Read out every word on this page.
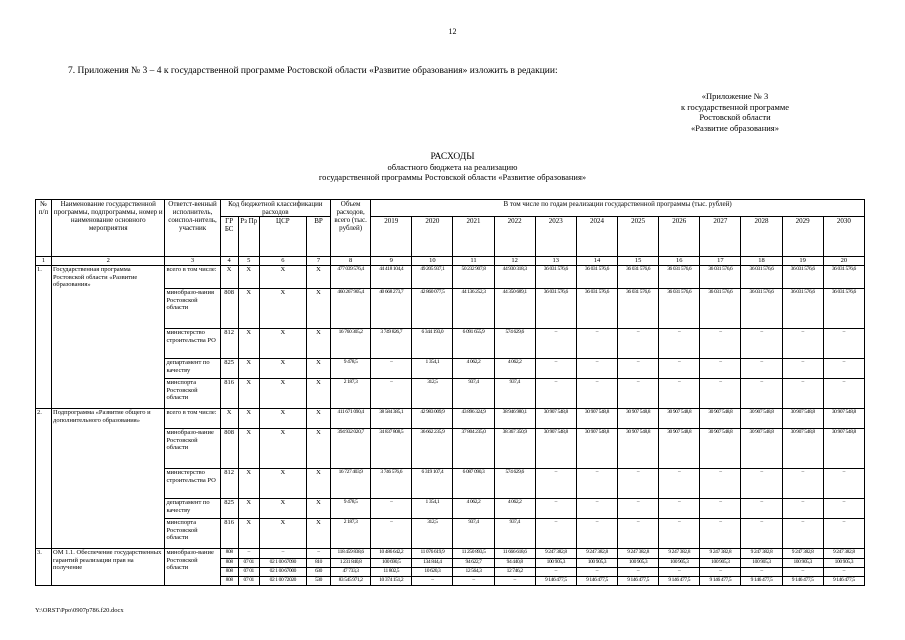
12
7. Приложения № 3 – 4 к государственной программе Ростовской области «Развитие образования» изложить в редакции:
«Приложение № 3
к государственной программе
Ростовской области
«Развитие образования»
РАСХОДЫ
областного бюджета на реализацию
государственной программы Ростовской области «Развитие образования»
№ п/п	Наименование государственной программы, подпрограммы, номер и наименование основного мероприятия	Ответст-венный исполнитель, соиспол-нитель, участник	Код бюджетной классификации расходов				Объем расходов, всего (тыс. рублей)	В том числе по годам реализации государственной программы (тыс. рублей)											
			ГР БС	Рз Пр	ЦСР	ВР		2019	2020	2021	2022	2023	2024	2025	2026	2027	2028	2029	2030
1	2	3	4	5	6	7	8	9	10	11	12	13	14	15	16	17	18	19	20
1.	Государственная программа Ростовской области «Развитие образования»	всего в том числе:	X	X	X	X	477 039 576,4	44 418 104,4	49 205 937,1	50 232 907,8	44 930 318,3	36 031 576,6	36 031 576,6	36 031 576,6	36 031 576,6	36 031 576,6	36 031 576,6	36 031 576,6	36 031 576,6
		минобразо-вания Ростовской области	808	X	X	X	460 267 905,4	40 668 273,7	42 860 077,5	44 136 252,3	44 350 689,1	36 031 576,6	36 031 576,6	36 031 576,6	36 031 576,6	36 031 576,6	36 031 576,6	36 031 576,6	36 031 576,6
		министерство строительства РО	812	X	X	X	16 760 305,2	3 749 826,7	6 344 193,0	6 091 655,9	574 629,6	–	–	–	–	–	–	–	–
		департамент по качеству	825	X	X	X	9 478,5	–	1 354,1	4 062,2	4 062,2	–	–	–	–	–	–	–	–
		минспорта Ростовской области	816	X	X	X	2 187,3	–	312,5	937,4	937,4	–	–	–	–	–	–	–	–
2.	Подпрограмма «Развитие общего и дополнительного образования»	всего в том числе:	X	X	X	X	411 671 090,4	38 584 385,1	42 983 009,9	43 896 324,9	38 946 980,1	30 907 548,8	30 907 548,8	30 907 548,8	30 907 548,8	30 907 548,8	30 907 548,8	30 907 548,8	30 907 548,8
		минобразо-вание Ростовской области	808	X	X	X	394 932 020,7	34 837 808,5	36 662 235,9	37 804 235,0	38 367 350,9	30 907 548,8	30 907 548,8	30 907 548,8	30 907 548,8	30 907 548,8	30 907 548,8	30 907 548,8	30 907 548,8
		министерство строительства РО	812	X	X	X	16 727 403,9	3 746 576,6	6 319 107,4	6 087 090,3	574 629,6	–	–	–	–	–	–	–	–
		департамент по качеству	825	X	X	X	9 478,5	–	1 354,1	4 062,2	4 062,2	–	–	–	–	–	–	–	–
		минспорта Ростовской области	816	X	X	X	2 187,3	–	312,5	937,4	937,4	–	–	–	–	–	–	–	–
3.	ОМ 1.1. Обеспечение государственных гарантий реализации прав на получение	минобразо-вание Ростовской области	808	–	–	–	118 459 838,6	10 486 642,2	11 076 619,9	11 250 893,5	11 666 618,6	9 247 382,8	9 247 382,8	9 247 382,8	9 247 382,8	9 247 382,8	9 247 382,8	9 247 382,8	9 247 382,8
			808	07 01	02 1 00 67090	810	1 231 840,8	100 690,5	134 844,4	94 622,7	94 440,8	100 905,3	100 905,3	100 905,3	100 905,3	100 905,3	100 905,3	100 905,3	100 905,3
			808	07 01	02 1 00 67000	630	47 733,3	11 802,5	10 620,3	12 564,3	12 746,2	–	–	–	–	–	–	–	–
			808	07 01	02 1 00 72020	530	83 545 971,2	10 374 151,2	–	–	–	9 146 477,5	9 146 477,5	9 146 477,5	9 146 477,5	9 146 477,5	9 146 477,5	9 146 477,5	9 146 477,5
Y:\ORST\Ppo\0907p786.f20.docx
